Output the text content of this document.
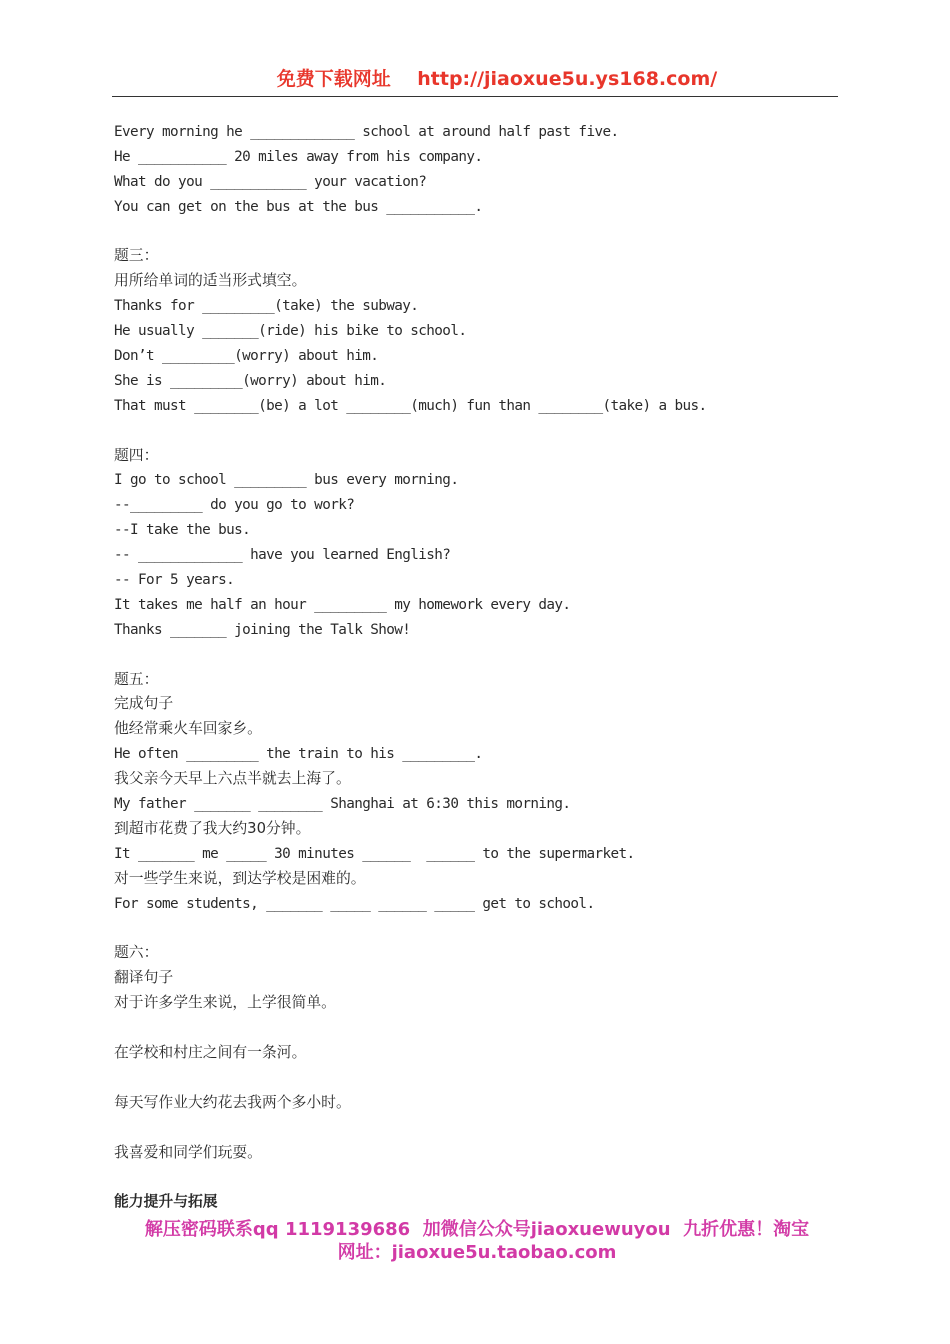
免费下载网址    http://jiaoxue5u.ys168.com/
Every morning he _____________ school at around half past five.
He ___________ 20 miles away from his company.
What do you ____________ your vacation?
You can get on the bus at the bus ___________.
题三：
用所给单词的适当形式填空。
Thanks for _________(take) the subway.
He usually _______(ride) his bike to school.
Don’t _________(worry) about him.
She is _________(worry) about him.
That must ________(be) a lot ________(much) fun than ________(take) a bus.
题四：
I go to school _________ bus every morning.
--_________ do you go to work?
--I take the bus.
-- _____________ have you learned English?
-- For 5 years.
It takes me half an hour _________ my homework every day.
Thanks _______ joining the Talk Show!
题五：
完成句子
他经常乘火车回家乡。
He often _________ the train to his _________.
我父亲今天早上六点半就去上海了。
My father _______ ________ Shanghai at 6:30 this morning.
到超市花费了我大约30分钟。
It _______ me _____ 30 minutes ______  ______ to the supermarket.
对一些学生来说，到达学校是困难的。
For some students, _______ _____ ______ _____ get to school.
题六：
翻译句子
对于许多学生来说，上学很简单。
在学校和村庄之间有一条河。
每天写作业大约花去我两个多小时。
我喜爱和同学们玩耍。
能力提升与拓展
解压密码联系qq 1119139686  加微信公众号jiaoxuewuyou  九折优惠！淘宝
网址：jiaoxue5u.taobao.com
